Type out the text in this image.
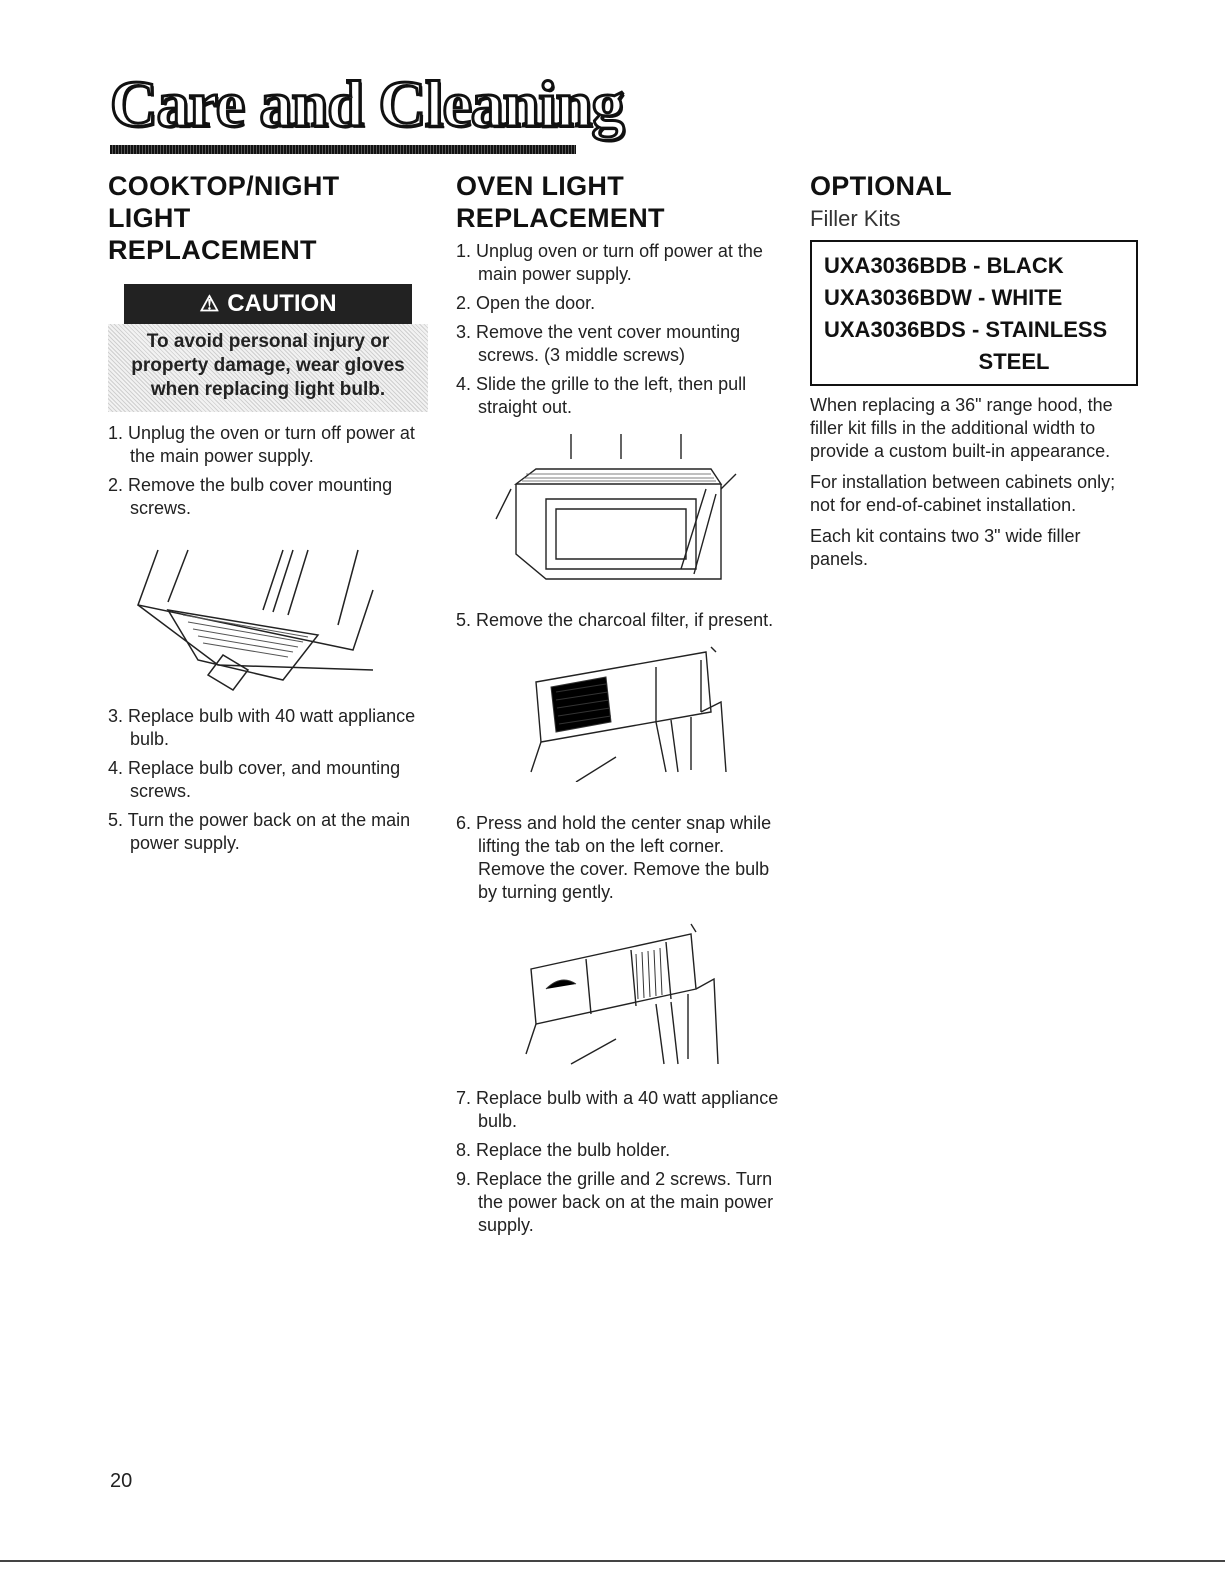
Care and Cleaning
COOKTOP/NIGHT LIGHT
REPLACEMENT
⚠ CAUTION
To avoid personal injury or property damage, wear gloves when replacing light bulb.
1. Unplug the oven or turn off power at the main power supply.
2. Remove the bulb cover mounting screws.
3. Replace bulb with 40 watt appliance bulb.
4. Replace bulb cover, and mounting screws.
5. Turn the power back on at the main power supply.
OVEN LIGHT
REPLACEMENT
1. Unplug oven or turn off power at the main power supply.
2. Open the door.
3. Remove the vent cover mounting screws. (3 middle screws)
4. Slide the grille to the left, then pull straight out.
5. Remove the charcoal filter, if present.
6. Press and hold the center snap while lifting the tab on the left corner. Remove the cover. Remove the bulb by turning gently.
7. Replace bulb with a 40 watt appliance bulb.
8. Replace the bulb holder.
9. Replace the grille and 2 screws. Turn the power back on at the main power supply.
OPTIONAL
Filler Kits
UXA3036BDB - BLACK
UXA3036BDW - WHITE
UXA3036BDS - STAINLESS
STEEL

When replacing a 36" range hood, the filler kit fills in the additional width to provide a custom built-in appearance.

For installation between cabinets only; not for end-of-cabinet installation.

Each kit contains two 3" wide filler panels.

20
